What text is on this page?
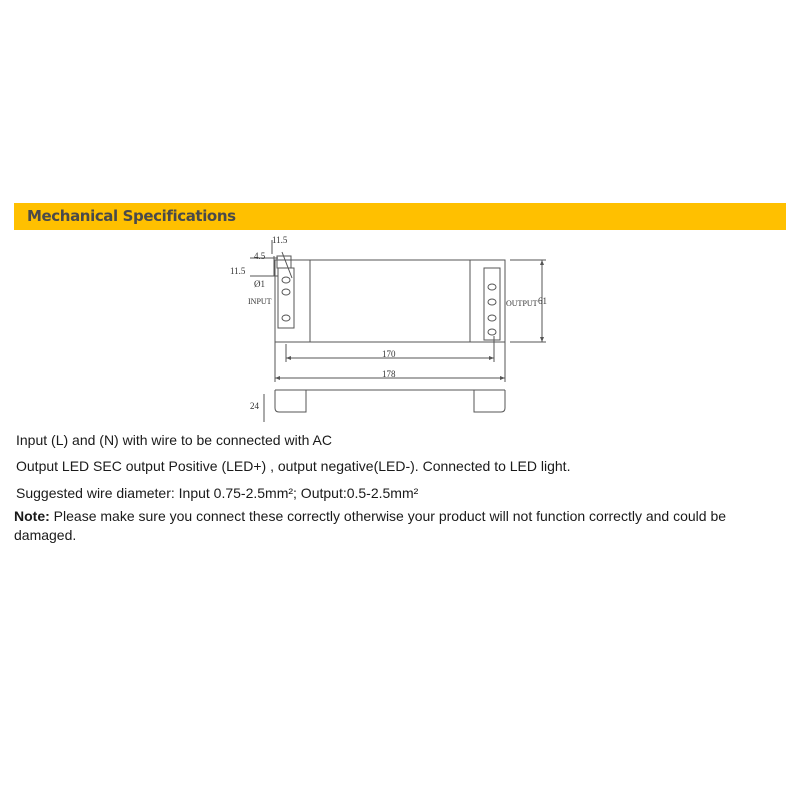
Mechanical Specifications
11.5
4.5
11.5
Ø1
INPUT	OUTPUT 61
170
178
24
Input (L) and (N) with wire to be connected with AC
Output LED SEC output Positive (LED+) , output negative(LED-). Connected to LED light.
Suggested wire diameter: Input 0.75-2.5mm²; Output:0.5-2.5mm²
Note: Please make sure you connect these correctly otherwise your product will not function correctly and could be damaged.
